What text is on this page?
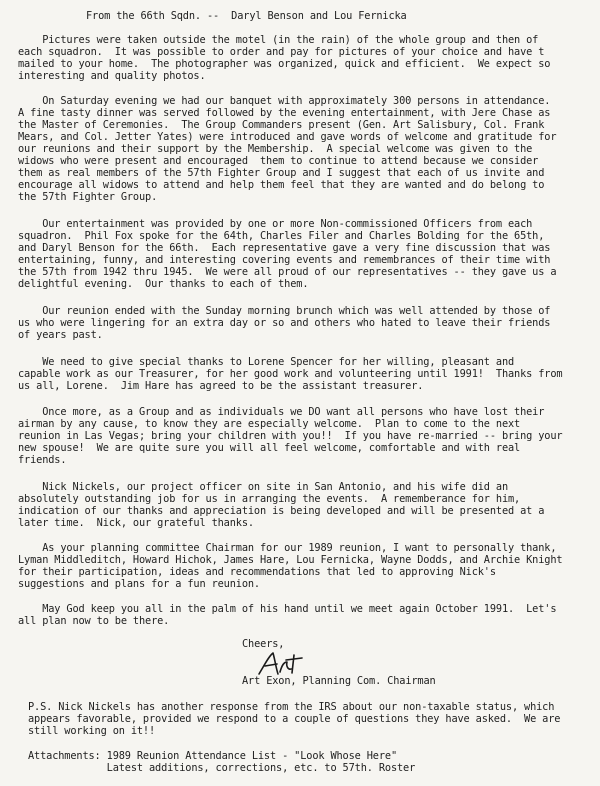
From the 66th Sqdn. --  Daryl Benson and Lou Fernicka
Pictures were taken outside the motel (in the rain) of the whole group and then of
each squadron.  It was possible to order and pay for pictures of your choice and have t
mailed to your home.  The photographer was organized, quick and efficient.  We expect so
interesting and quality photos.
On Saturday evening we had our banquet with approximately 300 persons in attendance.
A fine tasty dinner was served followed by the evening entertainment, with Jere Chase as
the Master of Ceremonies.  The Group Commanders present (Gen. Art Salisbury, Col. Frank
Mears, and Col. Jetter Yates) were introduced and gave words of welcome and gratitude for
our reunions and their support by the Membership.  A special welcome was given to the
widows who were present and encouraged  them to continue to attend because we consider
them as real members of the 57th Fighter Group and I suggest that each of us invite and
encourage all widows to attend and help them feel that they are wanted and do belong to
the 57th Fighter Group.
Our entertainment was provided by one or more Non-commissioned Officers from each
squadron.  Phil Fox spoke for the 64th, Charles Filer and Charles Bolding for the 65th,
and Daryl Benson for the 66th.  Each representative gave a very fine discussion that was
entertaining, funny, and interesting covering events and remembrances of their time with
the 57th from 1942 thru 1945.  We were all proud of our representatives -- they gave us a
delightful evening.  Our thanks to each of them.
Our reunion ended with the Sunday morning brunch which was well attended by those of
us who were lingering for an extra day or so and others who hated to leave their friends
of years past.
We need to give special thanks to Lorene Spencer for her willing, pleasant and
capable work as our Treasurer, for her good work and volunteering until 1991!  Thanks from
us all, Lorene.  Jim Hare has agreed to be the assistant treasurer.
Once more, as a Group and as individuals we DO want all persons who have lost their
airman by any cause, to know they are especially welcome.  Plan to come to the next
reunion in Las Vegas; bring your children with you!!  If you have re-married -- bring your
new spouse!  We are quite sure you will all feel welcome, comfortable and with real
friends.
Nick Nickels, our project officer on site in San Antonio, and his wife did an
absolutely outstanding job for us in arranging the events.  A rememberance for him,
indication of our thanks and appreciation is being developed and will be presented at a
later time.  Nick, our grateful thanks.
As your planning committee Chairman for our 1989 reunion, I want to personally thank,
Lyman Middleditch, Howard Hichok, James Hare, Lou Fernicka, Wayne Dodds, and Archie Knight
for their participation, ideas and recommendations that led to approving Nick's
suggestions and plans for a fun reunion.
May God keep you all in the palm of his hand until we meet again October 1991.  Let's
all plan now to be there.
Cheers,
Art Exon, Planning Com. Chairman
P.S. Nick Nickels has another response from the IRS about our non-taxable status, which
appears favorable, provided we respond to a couple of questions they have asked.  We are
still working on it!!
Attachments: 1989 Reunion Attendance List - "Look Whose Here"
Latest additions, corrections, etc. to 57th. Roster
